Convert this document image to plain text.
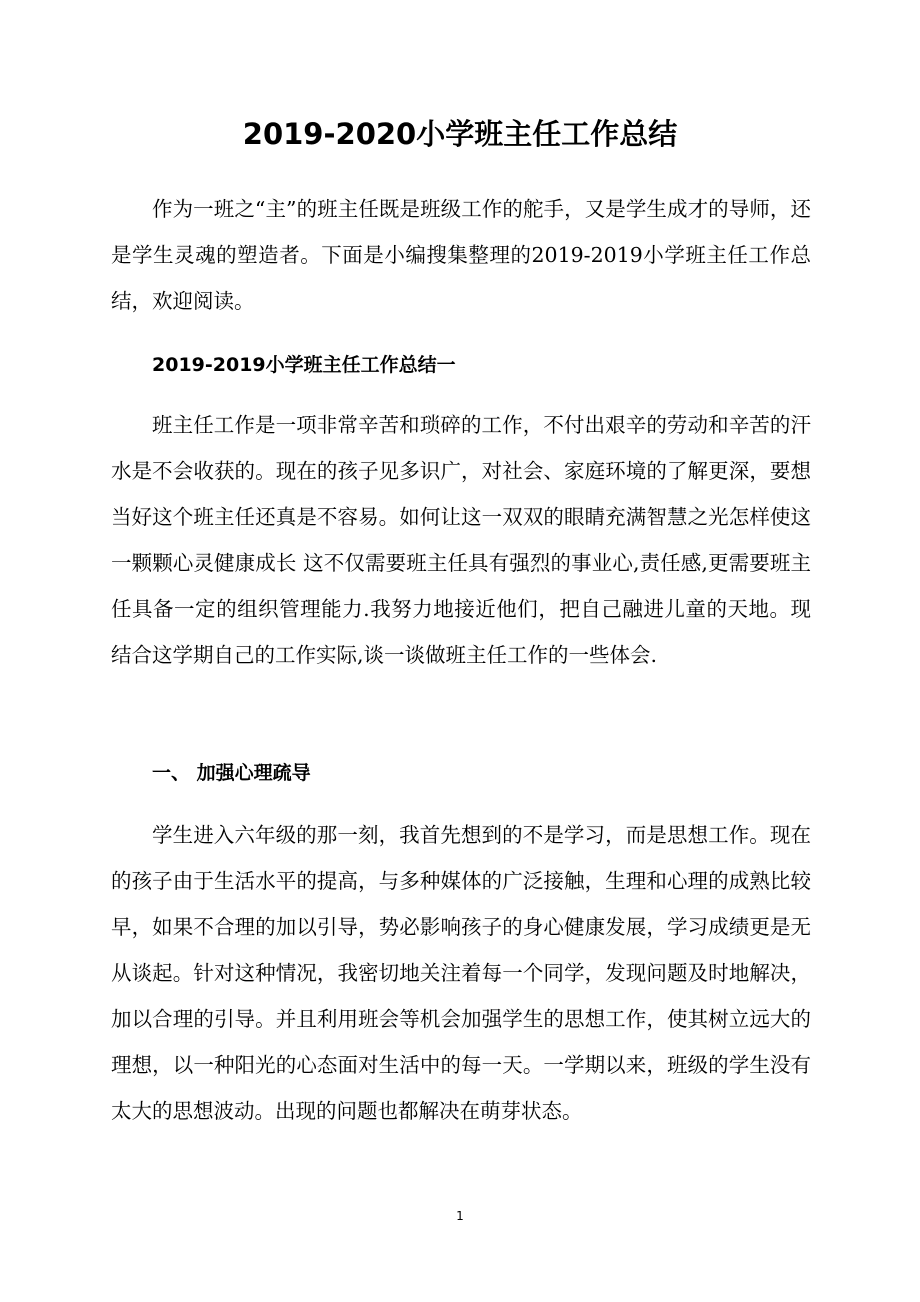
2019-2020小学班主任工作总结

作为一班之“主”的班主任既是班级工作的舵手，又是学生成才的导师，还是学生灵魂的塑造者。下面是小编搜集整理的2019-2019小学班主任工作总结，欢迎阅读。

2019-2019小学班主任工作总结一

班主任工作是一项非常辛苦和琐碎的工作，不付出艰辛的劳动和辛苦的汗水是不会收获的。现在的孩子见多识广，对社会、家庭环境的了解更深，要想当好这个班主任还真是不容易。如何让这一双双的眼睛充满智慧之光怎样使这一颗颗心灵健康成长 这不仅需要班主任具有强烈的事业心,责任感,更需要班主任具备一定的组织管理能力.我努力地接近他们，把自己融进儿童的天地。现结合这学期自己的工作实际,谈一谈做班主任工作的一些体会.

一、 加强心理疏导

学生进入六年级的那一刻，我首先想到的不是学习，而是思想工作。现在的孩子由于生活水平的提高，与多种媒体的广泛接触，生理和心理的成熟比较早，如果不合理的加以引导，势必影响孩子的身心健康发展，学习成绩更是无从谈起。针对这种情况，我密切地关注着每一个同学，发现问题及时地解决，加以合理的引导。并且利用班会等机会加强学生的思想工作，使其树立远大的理想，以一种阳光的心态面对生活中的每一天。一学期以来，班级的学生没有太大的思想波动。出现的问题也都解决在萌芽状态。

1
